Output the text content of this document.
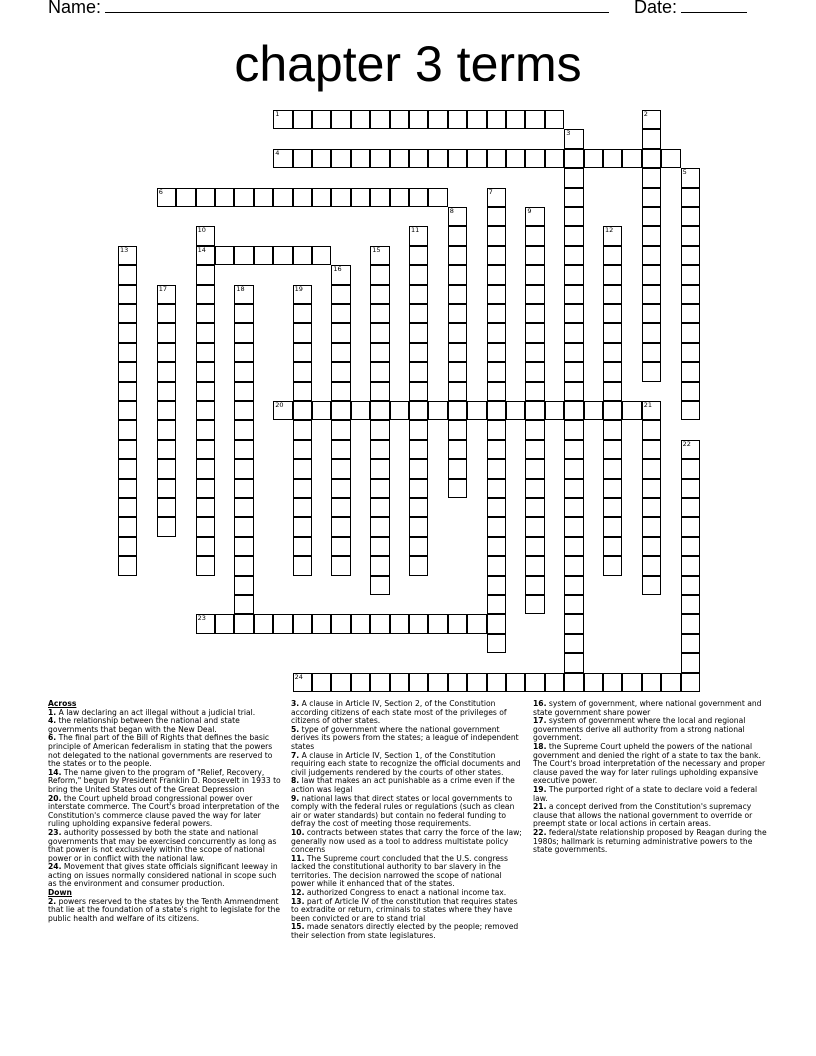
Name:	Date:
chapter 3 terms
1	2
3
4
5
6	7
8	9
10
14
11	12
13	15
16
17	18	19
20	21
22
23
24
Across
1. A law declaring an act illegal without a judicial trial.
4. the relationship between the national and state governments that began with the New Deal.
6. The final part of the Bill of Rights that defines the basic principle of American federalism in stating that the powers not delegated to the national governments are reserved to the states or to the people.
14. The name given to the program of "Relief, Recovery, Reform," begun by President Franklin D. Roosevelt in 1933 to bring the United States out of the Great Depression
20. the Court upheld broad congressional power over interstate commerce. The Court's broad interpretation of the Constitution's commerce clause paved the way for later ruling upholding expansive federal powers.
23. authority possessed by both the state and national governments that may be exercised concurrently as long as that power is not exclusively within the scope of national power or in conflict with the national law.
24. Movement that gives state officials significant leeway in acting on issues normally considered national in scope such as the environment and consumer production.
Down
2. powers reserved to the states by the Tenth Ammendment that lie at the foundation of a state's right to legislate for the public health and welfare of its citizens.
3. A clause in Article IV, Section 2, of the Constitution according citizens of each state most of the privileges of citizens of other states.
5. type of government where the national government derives its powers from the states; a league of independent states
7. A clause in Article IV, Section 1, of the Constitution requiring each state to recognize the official documents and civil judgements rendered by the courts of other states.
8. law that makes an act punishable as a crime even if the action was legal
9. national laws that direct states or local governments to comply with the federal rules or regulations (such as clean air or water standards) but contain no federal funding to defray the cost of meeting those requirements.
10. contracts between states that carry the force of the law; generally now used as a tool to address multistate policy concerns
11. The Supreme court concluded that the U.S. congress lacked the constitutional authority to bar slavery in the territories. The decision narrowed the scope of national power while it enhanced that of the states.
12. authorized Congress to enact a national income tax.
13. part of Article IV of the constitution that requires states to extradite or return, criminals to states where they have been convicted or are to stand trial
15. made senators directly elected by the people; removed their selection from state legislatures.
16. system of government, where national government and state government share power
17. system of government where the local and regional governments derive all authority from a strong national government.
18. the Supreme Court upheld the powers of the national government and denied the right of a state to tax the bank. The Court's broad interpretation of the necessary and proper clause paved the way for later rulings upholding expansive executive power.
19. The purported right of a state to declare void a federal law.
21. a concept derived from the Constitution's supremacy clause that allows the national government to override or preempt state or local actions in certain areas.
22. federal/state relationship proposed by Reagan during the 1980s; hallmark is returning administrative powers to the state governments.
